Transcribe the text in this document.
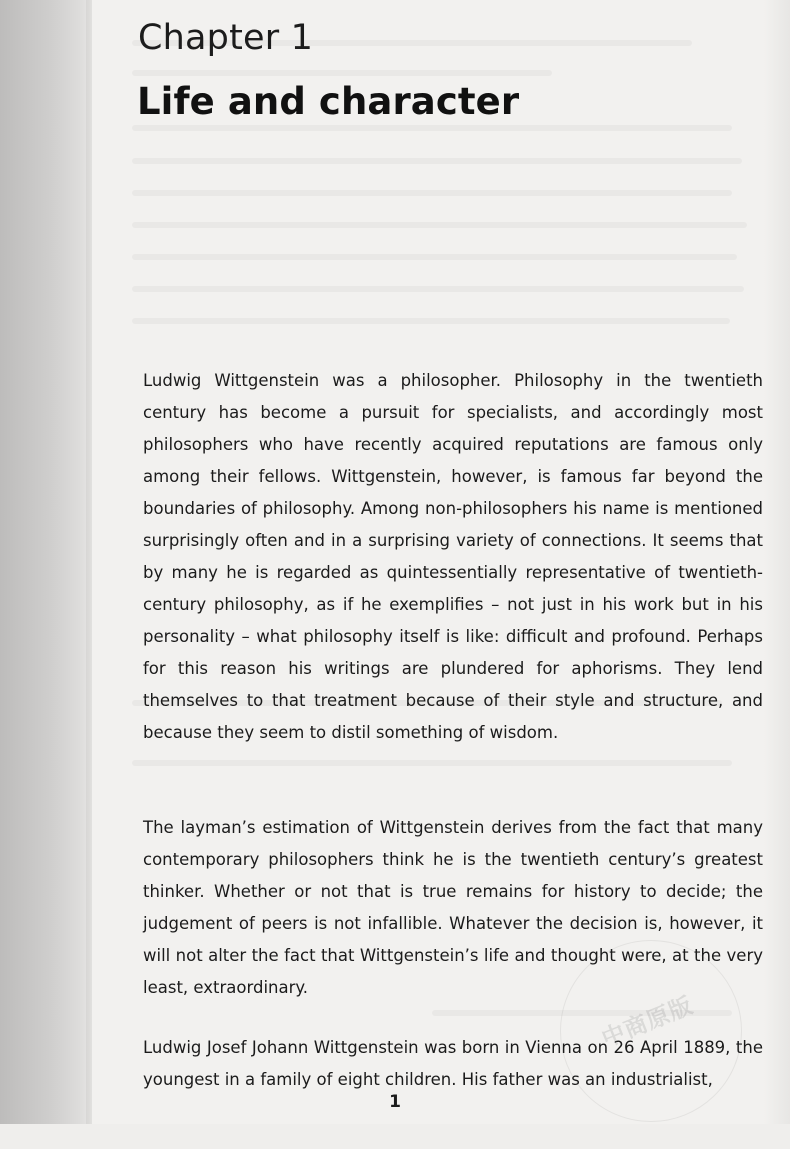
Chapter 1
Life and character

Ludwig Wittgenstein was a philosopher. Philosophy in the twentieth century has become a pursuit for specialists, and accordingly most philosophers who have recently acquired reputations are famous only among their fellows. Wittgenstein, however, is famous far beyond the boundaries of philosophy. Among non-philosophers his name is mentioned surprisingly often and in a surprising variety of connections. It seems that by many he is regarded as quintessentially representative of twentieth-century philosophy, as if he exemplifies – not just in his work but in his personality – what philosophy itself is like: difficult and profound. Perhaps for this reason his writings are plundered for aphorisms. They lend themselves to that treatment because of their style and structure, and because they seem to distil something of wisdom.

The layman’s estimation of Wittgenstein derives from the fact that many contemporary philosophers think he is the twentieth century’s greatest thinker. Whether or not that is true remains for history to decide; the judgement of peers is not infallible. Whatever the decision is, however, it will not alter the fact that Wittgenstein’s life and thought were, at the very least, extraordinary.

Ludwig Josef Johann Wittgenstein was born in Vienna on 26 April 1889, the youngest in a family of eight children. His father was an industrialist,

中商原版
1
